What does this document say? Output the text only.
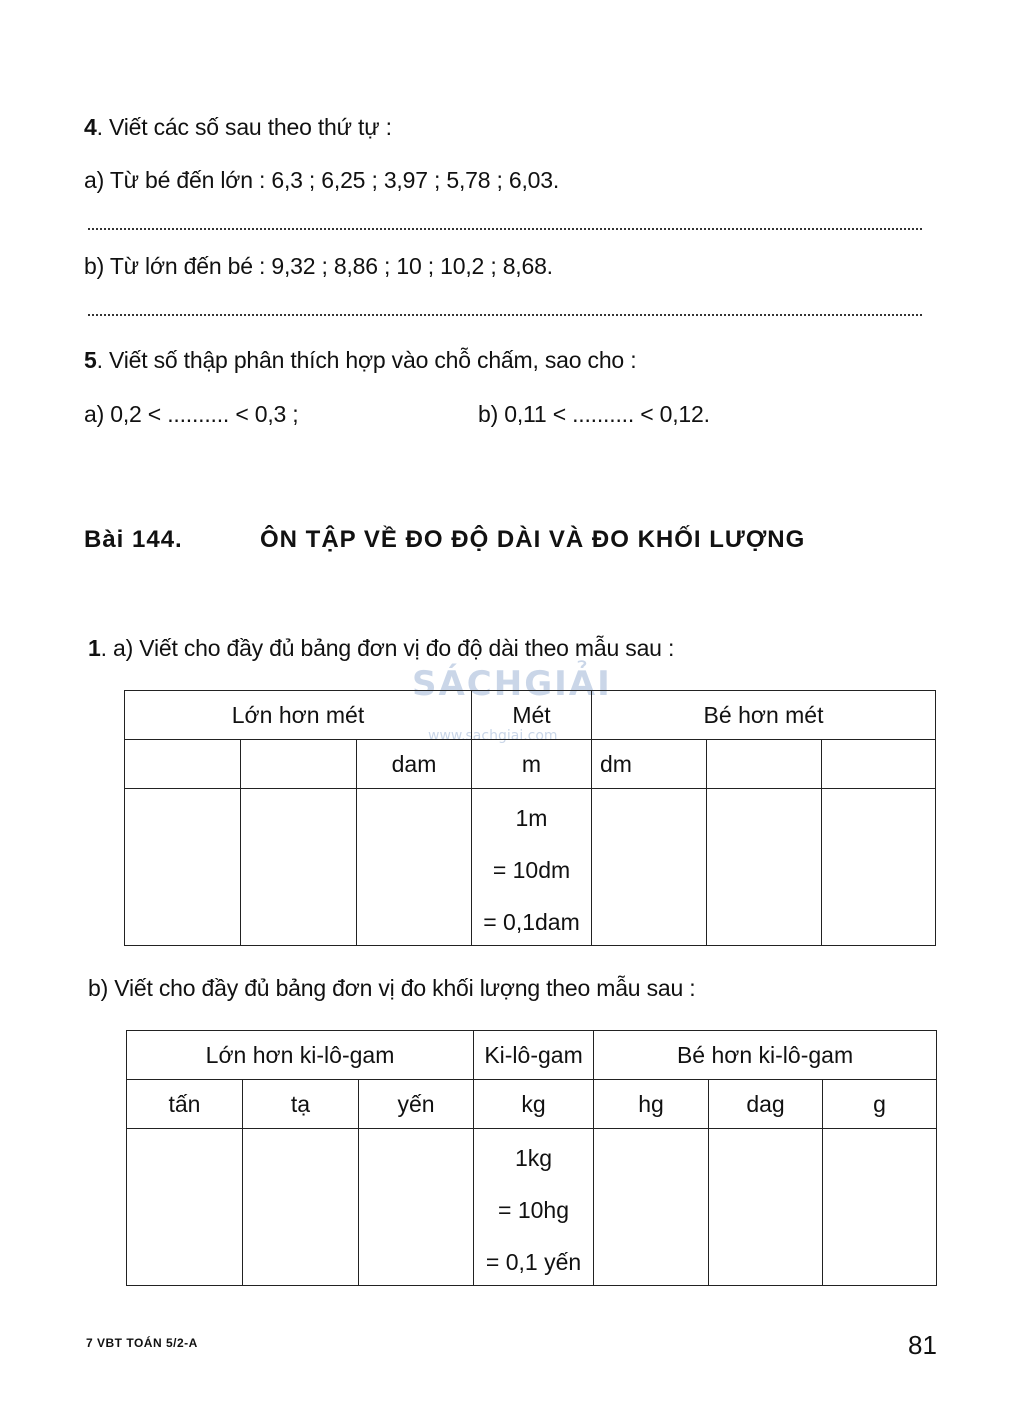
4. Viết các số sau theo thứ tự :
a) Từ bé đến lớn : 6,3 ; 6,25 ; 3,97 ; 5,78 ; 6,03.
b) Từ lớn đến bé : 9,32 ; 8,86 ; 10 ; 10,2 ; 8,68.
5. Viết số thập phân thích hợp vào chỗ chấm, sao cho :
a) 0,2 < .......... < 0,3 ;	b) 0,11 < .......... < 0,12.
Bài 144.	ÔN TẬP VỀ ĐO ĐỘ DÀI VÀ ĐO KHỐI LƯỢNG
1. a) Viết cho đầy đủ bảng đơn vị đo độ dài theo mẫu sau :
SÁCHGIẢI
www.sachgiai.com
Lớn hơn mét			Mét	Bé hơn mét		
		dam	m	dm		

			1m
= 10dm
= 0,1dam			

b) Viết cho đầy đủ bảng đơn vị đo khối lượng theo mẫu sau :
Lớn hơn ki-lô-gam			Ki-lô-gam	Bé hơn ki-lô-gam		
tấn	tạ	yến	kg	hg	dag	g

			1kg
= 10hg
= 0,1 yến			

7 VBT TOÁN 5/2-A	81
